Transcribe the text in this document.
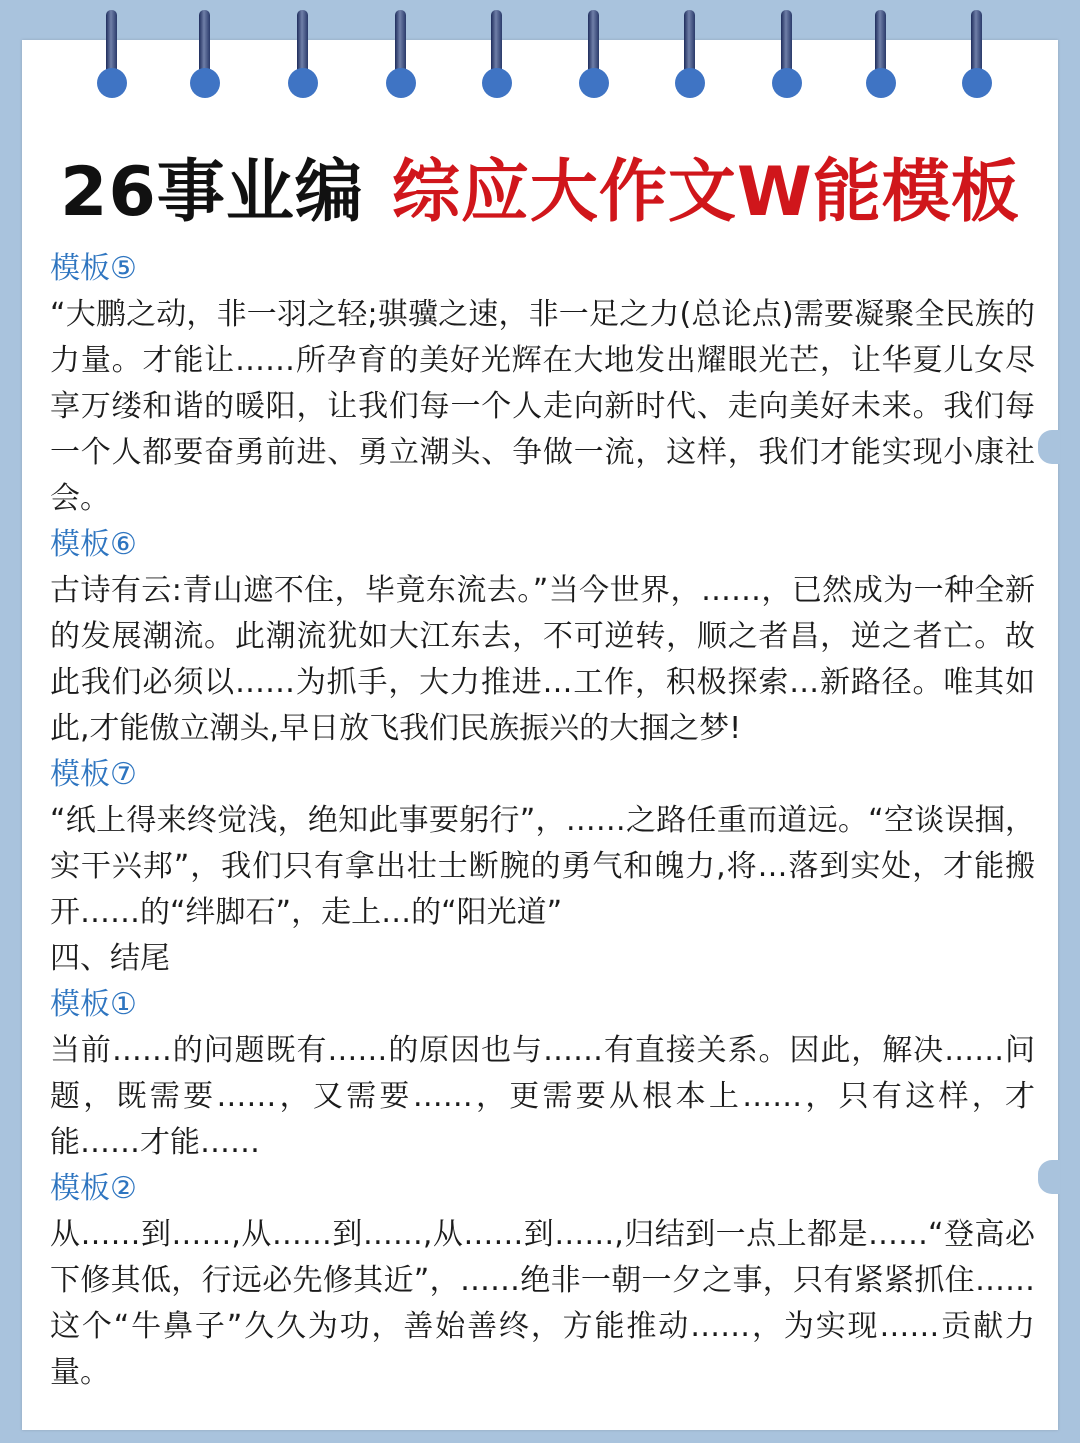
26事业编 综应大作文W能模板

模板⑤

“大鹏之动，非一羽之轻;骐骥之速，非一足之力(总论点)需要凝聚全民族的力量。才能让……所孕育的美好光辉在大地发出耀眼光芒，让华夏儿女尽享万缕和谐的暖阳，让我们每一个人走向新时代、走向美好未来。我们每一个人都要奋勇前进、勇立潮头、争做一流，这样，我们才能实现小康社会。

模板⑥

古诗有云:青山遮不住，毕竟东流去。”当今世界，……，已然成为一种全新的发展潮流。此潮流犹如大江东去，不可逆转，顺之者昌，逆之者亡。故此我们必须以……为抓手，大力推进…工作，积极探索…新路径。唯其如此,才能傲立潮头,早日放飞我们民族振兴的大掴之梦!

模板⑦

“纸上得来终觉浅，绝知此事要躬行”，……之路任重而道远。“空谈误掴，实干兴邦”，我们只有拿出壮士断腕的勇气和魄力,将…落到实处，才能搬开……的“绊脚石”，走上…的“阳光道”

四、结尾

模板①

当前……的问题既有……的原因也与……有直接关系。因此，解决……问题，既需要……，又需要……，更需要从根本上……，只有这样，才能……才能……

模板②

从……到……,从……到……,从……到……,归结到一点上都是……“登高必下修其低，行远必先修其近”，……绝非一朝一夕之事，只有紧紧抓住……这个“牛鼻子”久久为功，善始善终，方能推动……，为实现……贡献力量。
